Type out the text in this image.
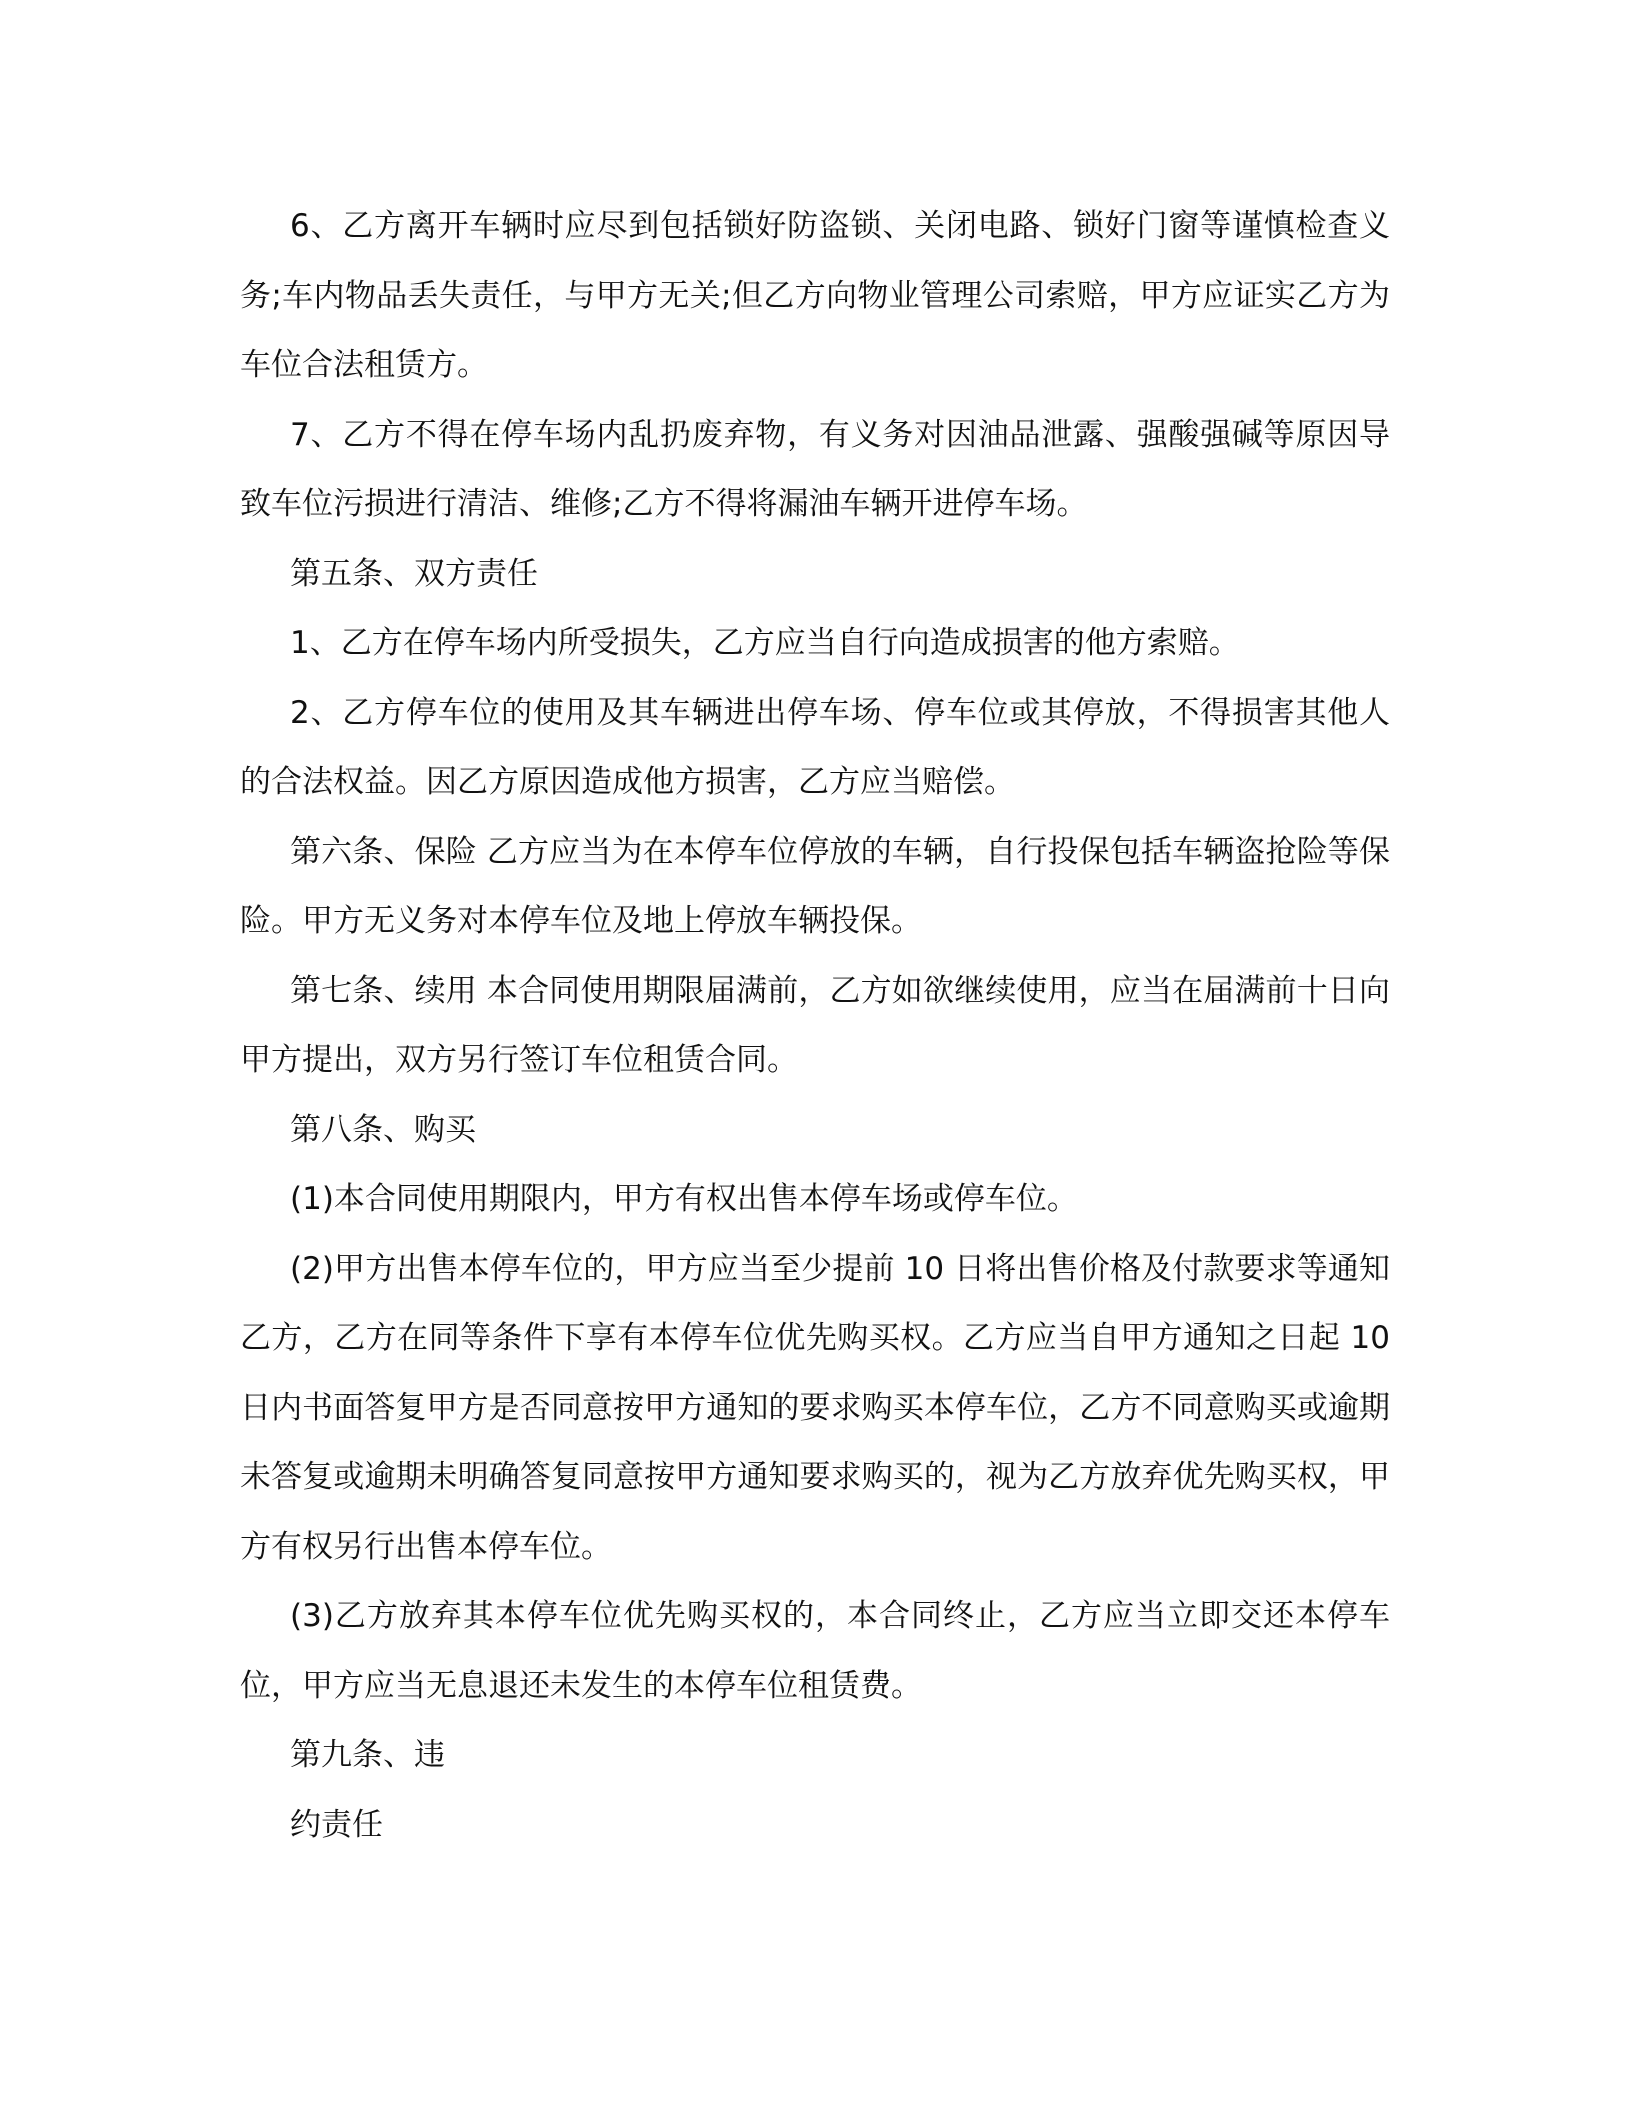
6、乙方离开车辆时应尽到包括锁好防盗锁、关闭电路、锁好门窗等谨慎检查义务;车内物品丢失责任，与甲方无关;但乙方向物业管理公司索赔，甲方应证实乙方为车位合法租赁方。

7、乙方不得在停车场内乱扔废弃物，有义务对因油品泄露、强酸强碱等原因导致车位污损进行清洁、维修;乙方不得将漏油车辆开进停车场。

第五条、双方责任

1、乙方在停车场内所受损失，乙方应当自行向造成损害的他方索赔。

2、乙方停车位的使用及其车辆进出停车场、停车位或其停放，不得损害其他人的合法权益。因乙方原因造成他方损害，乙方应当赔偿。

第六条、保险 乙方应当为在本停车位停放的车辆，自行投保包括车辆盗抢险等保险。甲方无义务对本停车位及地上停放车辆投保。

第七条、续用 本合同使用期限届满前，乙方如欲继续使用，应当在届满前十日向甲方提出，双方另行签订车位租赁合同。

第八条、购买

(1)本合同使用期限内，甲方有权出售本停车场或停车位。

(2)甲方出售本停车位的，甲方应当至少提前 10 日将出售价格及付款要求等通知乙方，乙方在同等条件下享有本停车位优先购买权。乙方应当自甲方通知之日起 10 日内书面答复甲方是否同意按甲方通知的要求购买本停车位，乙方不同意购买或逾期未答复或逾期未明确答复同意按甲方通知要求购买的，视为乙方放弃优先购买权，甲方有权另行出售本停车位。

(3)乙方放弃其本停车位优先购买权的，本合同终止，乙方应当立即交还本停车位，甲方应当无息退还未发生的本停车位租赁费。

第九条、违

约责任
